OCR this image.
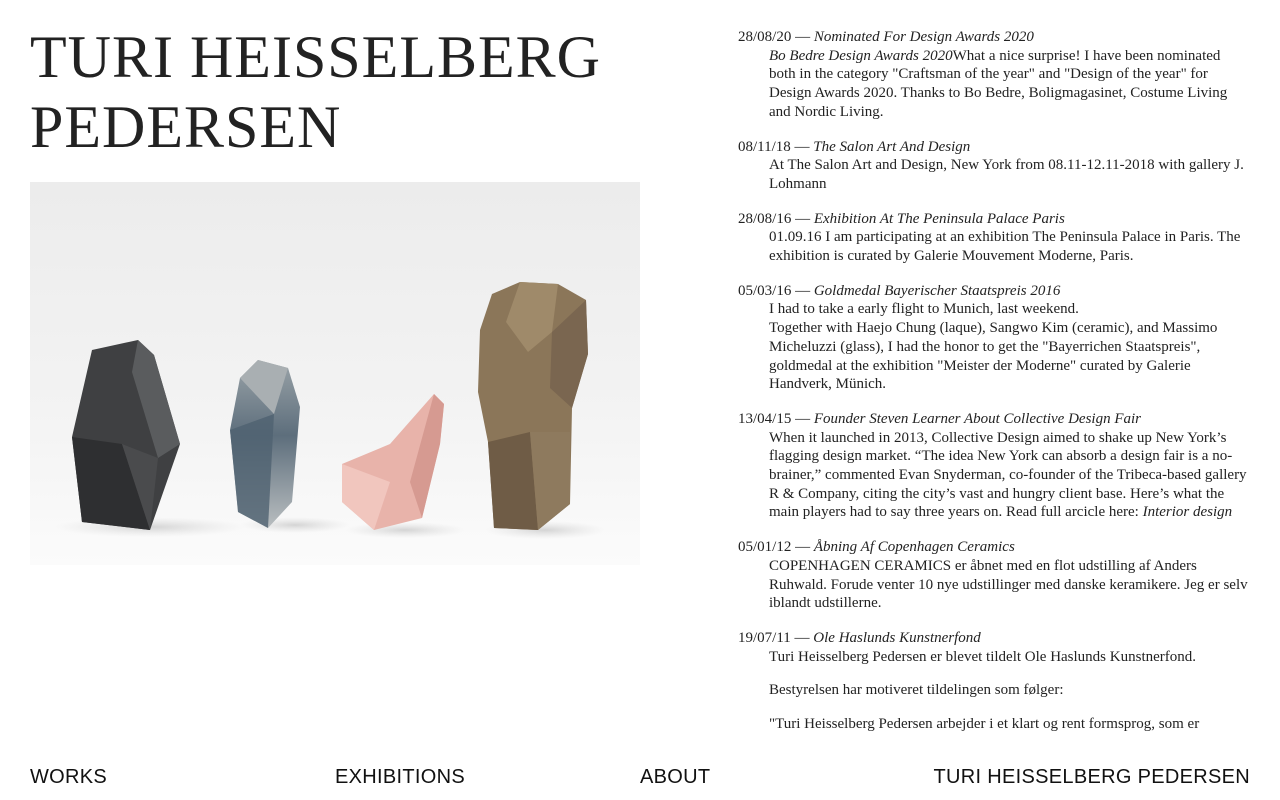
TURI HEISSELBERG
PEDERSEN
28/08/20 — Nominated For Design Awards 2020

Bo Bedre Design Awards 2020What a nice surprise! I have been nominated both in the category "Craftsman of the year" and "Design of the year" for Design Awards 2020. Thanks to Bo Bedre, Boligmagasinet, Costume Living and Nordic Living.

08/11/18 — The Salon Art And Design

At The Salon Art and Design, New York from 08.11-12.11-2018 with gallery J. Lohmann

28/08/16 — Exhibition At The Peninsula Palace Paris

01.09.16 I am participating at an exhibition The Peninsula Palace in Paris. The exhibition is curated by Galerie Mouvement Moderne, Paris.

05/03/16 — Goldmedal Bayerischer Staatspreis 2016

I had to take a early flight to Munich, last weekend.

Together with Haejo Chung (laque), Sangwo Kim (ceramic), and Massimo Micheluzzi (glass), I had the honor to get the "Bayerrichen Staatspreis", goldmedal at the exhibition "Meister der Moderne" curated by Galerie Handverk, Münich.

13/04/15 — Founder Steven Learner About Collective Design Fair

When it launched in 2013, Collective Design aimed to shake up New York’s flagging design market. “The idea New York can absorb a design fair is a no-brainer,” commented Evan Snyderman, co-founder of the Tribeca-based gallery R & Company, citing the city’s vast and hungry client base. Here’s what the main players had to say three years on. Read full arcicle here: Interior design

05/01/12 — Åbning Af Copenhagen Ceramics

COPENHAGEN CERAMICS er åbnet med en flot udstilling af Anders Ruhwald. Forude venter 10 nye udstillinger med danske keramikere. Jeg er selv iblandt udstillerne.

19/07/11 — Ole Haslunds Kunstnerfond

Turi Heisselberg Pedersen er blevet tildelt Ole Haslunds Kunstnerfond.

Bestyrelsen har motiveret tildelingen som følger:

"Turi Heisselberg Pedersen arbejder i et klart og rent formsprog, som er

WORKS	EXHIBITIONS	ABOUT	TURI HEISSELBERG PEDERSEN
